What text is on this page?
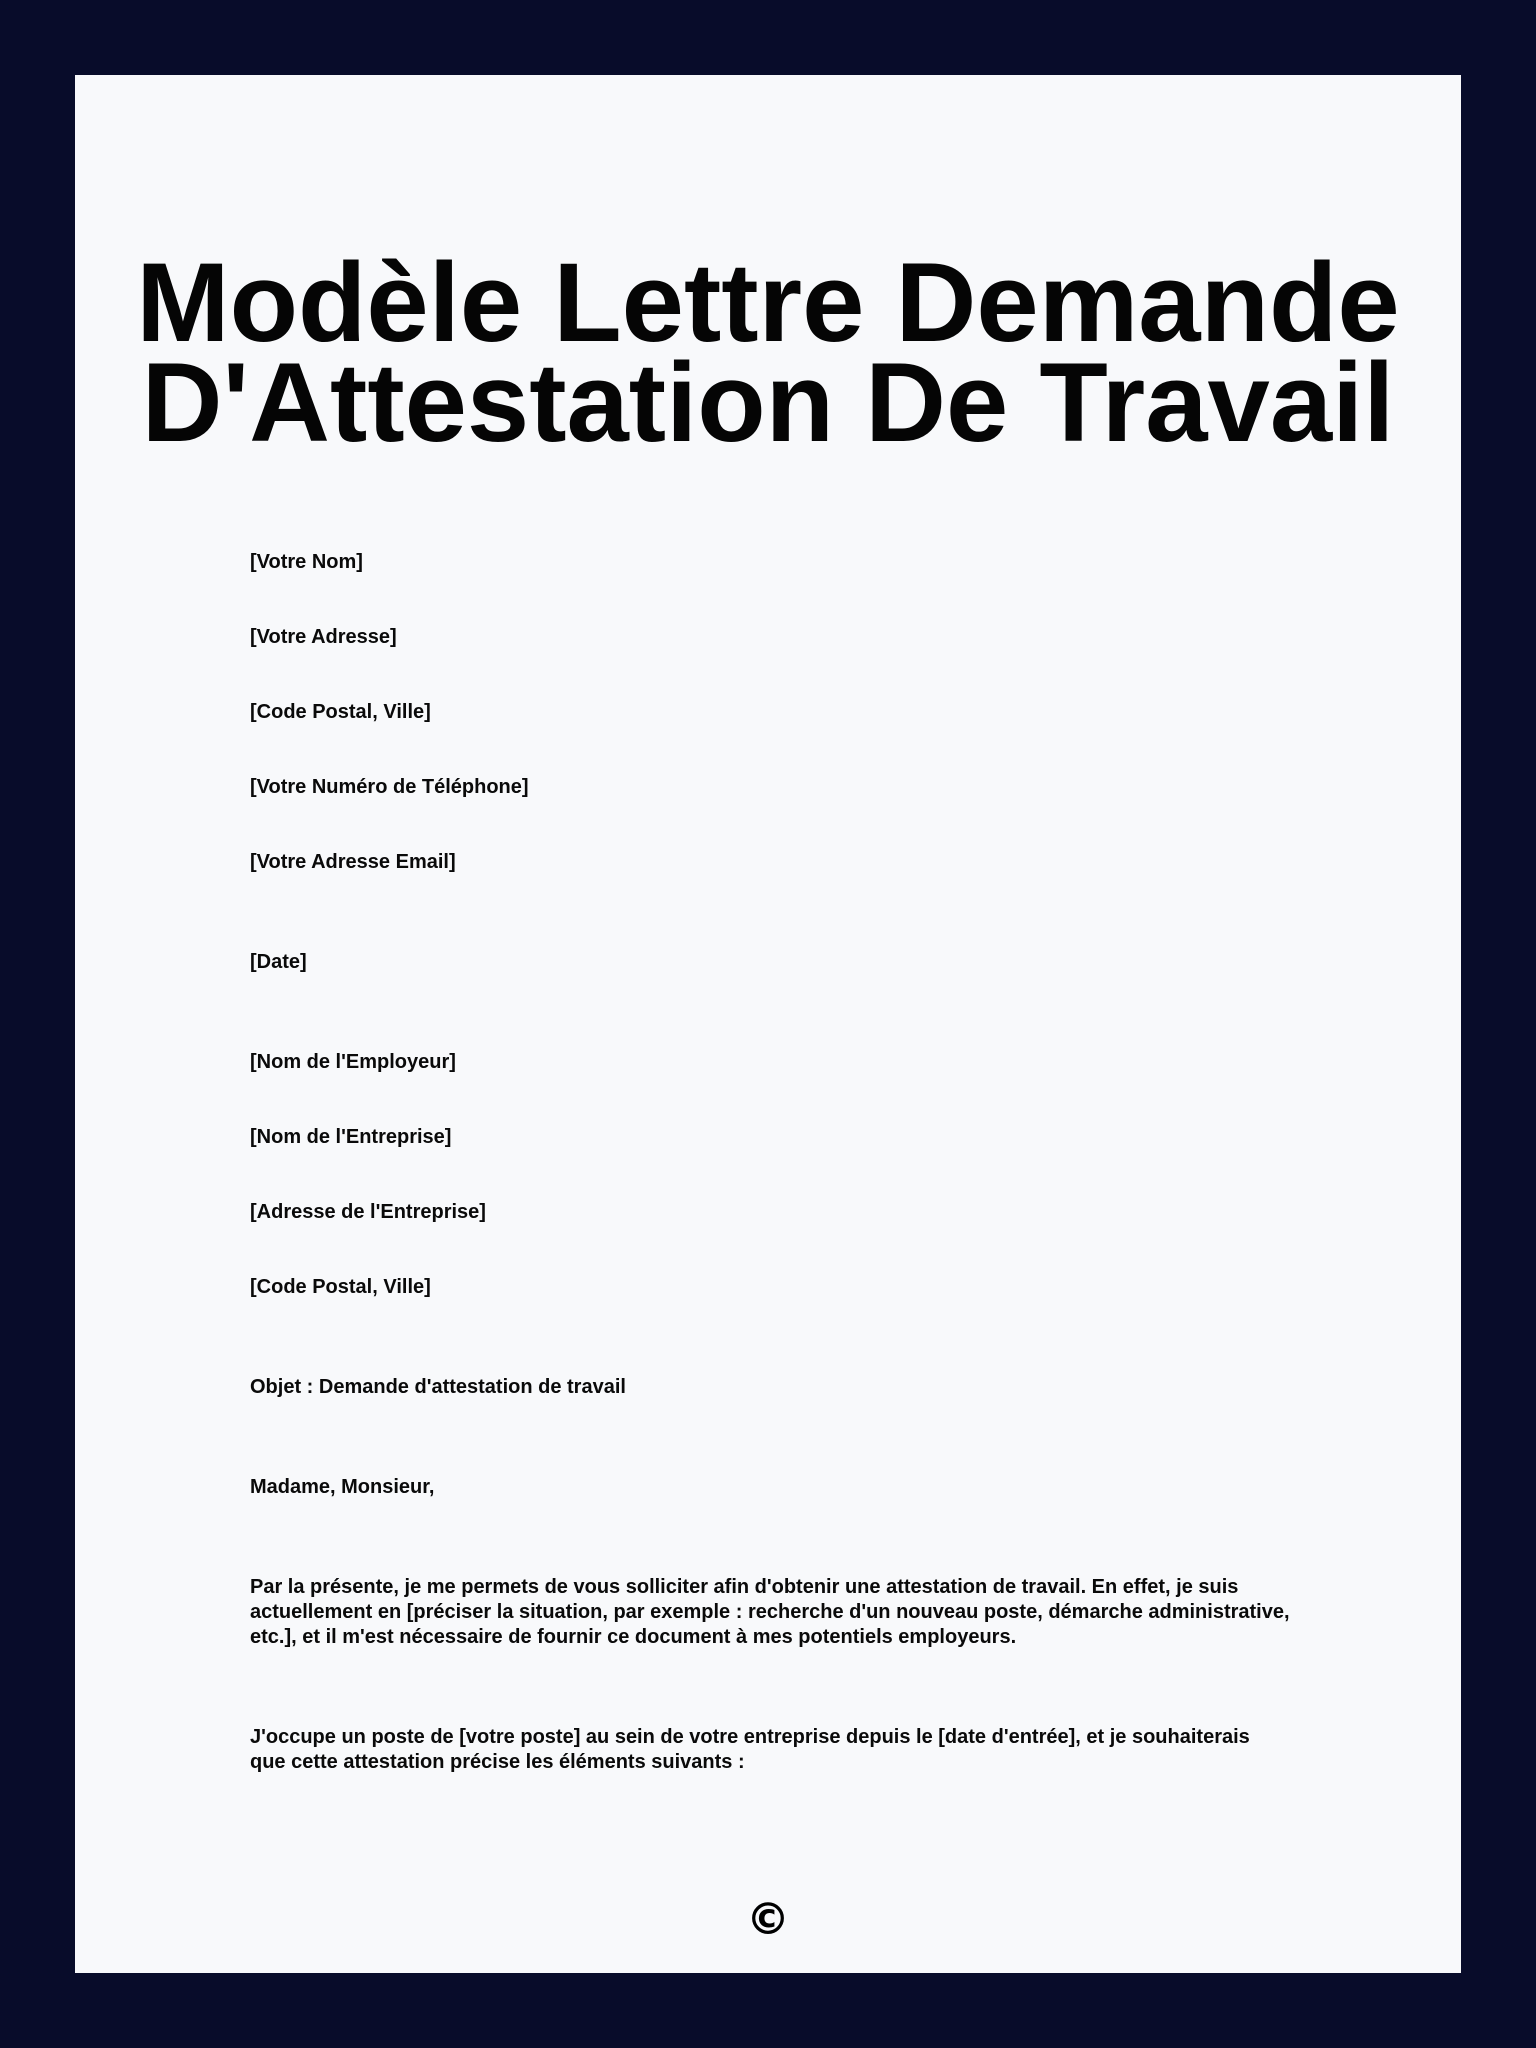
Modèle Lettre Demande
D'Attestation De Travail

[Votre Nom]

[Votre Adresse]

[Code Postal, Ville]

[Votre Numéro de Téléphone]

[Votre Adresse Email]

[Date]

[Nom de l'Employeur]

[Nom de l'Entreprise]

[Adresse de l'Entreprise]

[Code Postal, Ville]

Objet : Demande d'attestation de travail

Madame, Monsieur,

Par la présente, je me permets de vous solliciter afin d'obtenir une attestation de travail. En effet, je suis actuellement en [préciser la situation, par exemple : recherche d'un nouveau poste, démarche administrative, etc.], et il m'est nécessaire de fournir ce document à mes potentiels employeurs.

J'occupe un poste de [votre poste] au sein de votre entreprise depuis le [date d'entrée], et je souhaiterais que cette attestation précise les éléments suivants :

©
